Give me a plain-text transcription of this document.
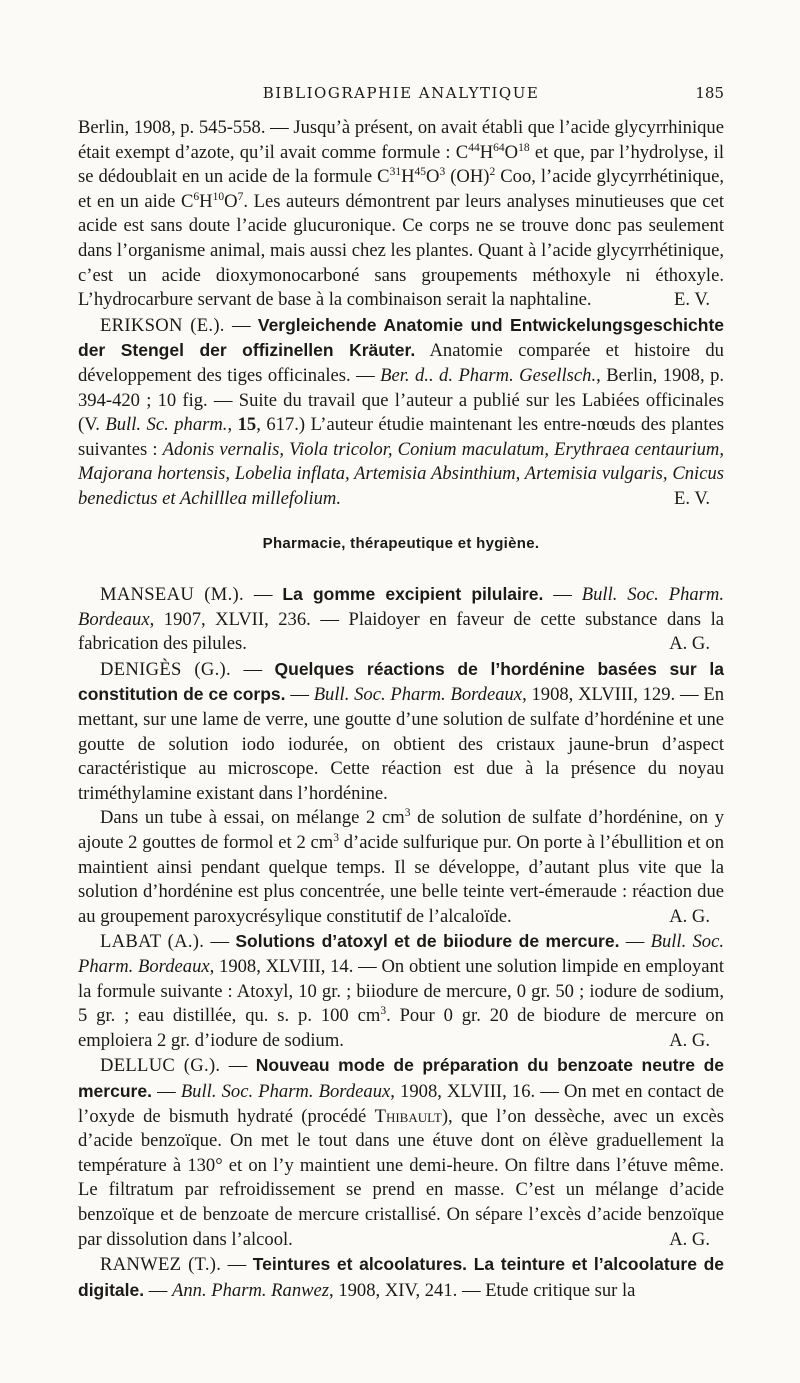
BIBLIOGRAPHIE ANALYTIQUE	185

Berlin, 1908, p. 545-558. — Jusqu’à présent, on avait établi que l’acide glycyrrhinique était exempt d’azote, qu’il avait comme formule : $C^{44}H^{64}O^{18}$ et que, par l’hydrolyse, il se dédoublait en un acide de la formule $C^{31}H^{45}O^3$ (OH)$^2$ Coo, l’acide glycyrrhétinique, et en un aide $C^6H^{10}O^7$. Les auteurs démontrent par leurs analyses minutieuses que cet acide est sans doute l’acide glucuronique. Ce corps ne se trouve donc pas seulement dans l’organisme animal, mais aussi chez les plantes. Quant à l’acide glycyrrhétinique, c’est un acide dioxymonocarboné sans groupements méthoxyle ni éthoxyle. L’hydrocarbure servant de base à la combinaison serait la naphtaline.	E. V.

ERIKSON (E.). — Vergleichende Anatomie und Entwickelungsgeschichte der Stengel der offizinellen Kräuter. Anatomie comparée et histoire du développement des tiges officinales. — Ber. d.. d. Pharm. Gesellsch., Berlin, 1908, p. 394-420 ; 10 fig. — Suite du travail que l’auteur a publié sur les Labiées officinales (V. Bull. Sc. pharm., 15, 617.) L’auteur étudie maintenant les entre-nœuds des plantes suivantes : Adonis vernalis, Viola tricolor, Conium maculatum, Erythraea centaurium, Majorana hortensis, Lobelia inflata, Artemisia Absinthium, Artemisia vulgaris, Cnicus benedictus et Achilllea millefolium.	E. V.
Pharmacie, thérapeutique et hygiène.

MANSEAU (M.). — La gomme excipient pilulaire. — Bull. Soc. Pharm. Bordeaux, 1907, XLVII, 236. — Plaidoyer en faveur de cette substance dans la fabrication des pilules.	A. G.

DENIGÈS (G.). — Quelques réactions de l’hordénine basées sur la constitution de ce corps. — Bull. Soc. Pharm. Bordeaux, 1908, XLVIII, 129. — En mettant, sur une lame de verre, une goutte d’une solution de sulfate d’hordénine et une goutte de solution iodo iodurée, on obtient des cristaux jaune-brun d’aspect caractéristique au microscope. Cette réaction est due à la présence du noyau triméthylamine existant dans l’hordénine.

Dans un tube à essai, on mélange 2 $cm^3$ de solution de sulfate d’hordénine, on y ajoute 2 gouttes de formol et 2 $cm^3$ d’acide sulfurique pur. On porte à l’ébullition et on maintient ainsi pendant quelque temps. Il se développe, d’autant plus vite que la solution d’hordénine est plus concentrée, une belle teinte vert-émeraude : réaction due au groupement paroxycrésylique constitutif de l’alcaloïde.	A. G.

LABAT (A.). — Solutions d’atoxyl et de biiodure de mercure. — Bull. Soc. Pharm. Bordeaux, 1908, XLVIII, 14. — On obtient une solution limpide en employant la formule suivante : Atoxyl, 10 gr. ; biiodure de mercure, 0 gr. 50 ; iodure de sodium, 5 gr. ; eau distillée, qu. s. p. 100 $cm^3$. Pour 0 gr. 20 de biodure de mercure on emploiera 2 gr. d’iodure de sodium.	A. G.

DELLUC (G.). — Nouveau mode de préparation du benzoate neutre de mercure. — Bull. Soc. Pharm. Bordeaux, 1908, XLVIII, 16. — On met en contact de l’oxyde de bismuth hydraté (procédé Thibault), que l’on dessèche, avec un excès d’acide benzoïque. On met le tout dans une étuve dont on élève graduellement la température à 130° et on l’y maintient une demi-heure. On filtre dans l’étuve même. Le filtratum par refroidissement se prend en masse. C’est un mélange d’acide benzoïque et de benzoate de mercure cristallisé. On sépare l’excès d’acide benzoïque par dissolution dans l’alcool.	A. G.

RANWEZ (T.). — Teintures et alcoolatures. La teinture et l’alcoolature de digitale. — Ann. Pharm. Ranwez, 1908, XIV, 241. — Etude critique sur la
